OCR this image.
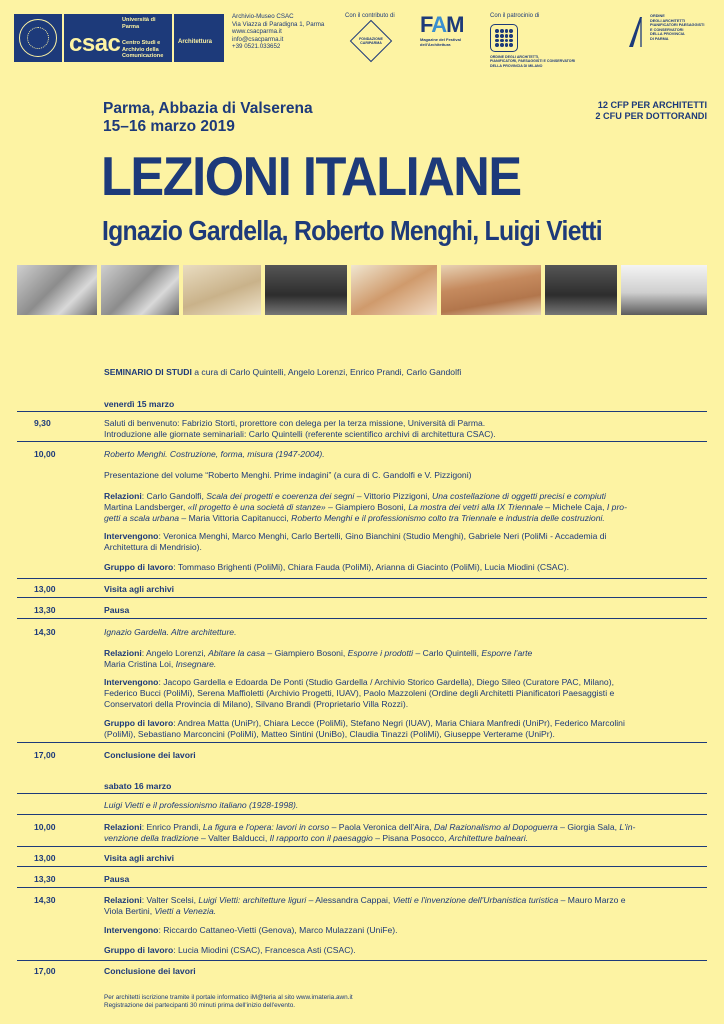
csac
Università di Parma
Centro Studi e Archivio della Comunicazione
Architettura
Archivio-Museo CSAC
Via Viazza di Paradigna 1, Parma
www.csacparma.it
info@csacparma.it
+39 0521.033652
Con il contributo di
FONDAZIONE CARIPARMA
FAM
Magazine del Festival dell'Architettura
Con il patrocinio di
ORDINE DEGLI ARCHITETTI,
PIANIFICATORI, PAESAGGISTI E CONSERVATORI
DELLA PROVINCIA DI MILANO
ORDINE
DEGLI ARCHITETTI
PIANIFICATORI PAESAGGISTI
E CONSERVATORI
DELLA PROVINCIA
DI PARMA
Parma, Abbazia di Valserena
15–16 marzo 2019
12 CFP PER ARCHITETTI
2 CFU PER DOTTORANDI
LEZIONI ITALIANE
Ignazio Gardella, Roberto Menghi, Luigi Vietti
SEMINARIO DI STUDI a cura di Carlo Quintelli, Angelo Lorenzi, Enrico Prandi, Carlo Gandolfi
venerdì 15 marzo
9,30	Saluti di benvenuto: Fabrizio Storti, prorettore con delega per la terza missione, Università di Parma.
Introduzione alle giornate seminariali: Carlo Quintelli (referente scientifico archivi di architettura CSAC).
10,00	Roberto Menghi. Costruzione, forma, misura (1947-2004).
Presentazione del volume “Roberto Menghi. Prime indagini” (a cura di C. Gandolfi e V. Pizzigoni)
Relazioni: Carlo Gandolfi, Scala dei progetti e coerenza dei segni – Vittorio Pizzigoni, Una costellazione di oggetti precisi e compiuti
Martina Landsberger, «Il progetto è una società di stanze» – Giampiero Bosoni, La mostra dei vetri alla IX Triennale – Michele Caja, I pro-
getti a scala urbana – Maria Vittoria Capitanucci, Roberto Menghi e il professionismo colto tra Triennale e industria delle costruzioni.
Intervengono: Veronica Menghi, Marco Menghi, Carlo Bertelli, Gino Bianchini (Studio Menghi), Gabriele Neri (PoliMi - Accademia di
Architettura di Mendrisio).
Gruppo di lavoro: Tommaso Brighenti (PoliMi), Chiara Fauda (PoliMi), Arianna di Giacinto (PoliMi), Lucia Miodini (CSAC).
13,00	Visita agli archivi
13,30	Pausa
14,30	Ignazio Gardella. Altre architetture.
Relazioni: Angelo Lorenzi, Abitare la casa – Giampiero Bosoni, Esporre i prodotti – Carlo Quintelli, Esporre l'arte
Maria Cristina Loi, Insegnare.
Intervengono: Jacopo Gardella e Edoarda De Ponti (Studio Gardella / Archivio Storico Gardella), Diego Sileo (Curatore PAC, Milano),
Federico Bucci (PoliMi), Serena Maffioletti (Archivio Progetti, IUAV), Paolo Mazzoleni (Ordine degli Architetti Pianificatori Paesaggisti e
Conservatori della Provincia di Milano), Silvano Brandi (Proprietario Villa Rozzi).
Gruppo di lavoro: Andrea Matta (UniPr), Chiara Lecce (PoliMi), Stefano Negri (IUAV), Maria Chiara Manfredi (UniPr), Federico Marcolini
(PoliMi), Sebastiano Marconcini (PoliMi), Matteo Sintini (UniBo), Claudia Tinazzi (PoliMi), Giuseppe Verterame (UniPr).
17,00	Conclusione dei lavori
sabato 16 marzo
Luigi Vietti e il professionismo italiano (1928-1998).
10,00	Relazioni: Enrico Prandi, La figura e l'opera: lavori in corso – Paola Veronica dell'Aira, Dal Razionalismo al Dopoguerra – Giorgia Sala, L'in-
venzione della tradizione – Valter Balducci, Il rapporto con il paesaggio – Pisana Posocco, Architetture balneari.
13,00	Visita agli archivi
13,30	Pausa
14,30	Relazioni: Valter Scelsi, Luigi Vietti: architetture liguri – Alessandra Cappai, Vietti e l'invenzione dell'Urbanistica turistica – Mauro Marzo e
Viola Bertini, Vietti a Venezia.
Intervengono: Riccardo Cattaneo-Vietti (Genova), Marco Mulazzani (UniFe).
Gruppo di lavoro: Lucia Miodini (CSAC), Francesca Asti (CSAC).
17,00	Conclusione dei lavori
Per architetti iscrizione tramite il portale informatico iM@teria al sito www.imateria.awn.it
Registrazione dei partecipanti 30 minuti prima dell'inizio dell'evento.
